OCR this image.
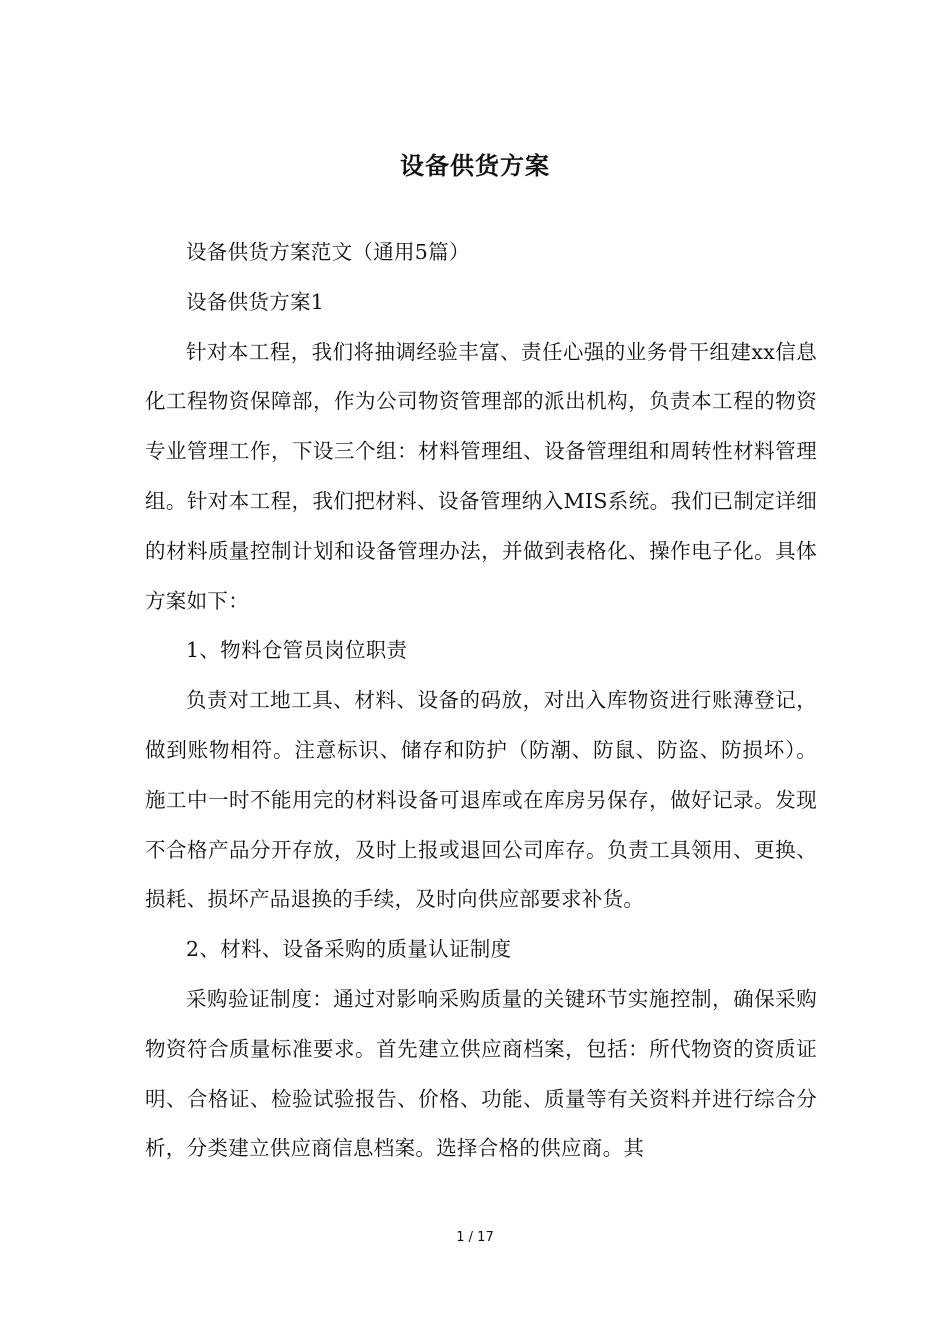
设备供货方案

设备供货方案范文（通用5篇）

设备供货方案1

针对本工程，我们将抽调经验丰富、责任心强的业务骨干组建xx信息化工程物资保障部，作为公司物资管理部的派出机构，负责本工程的物资专业管理工作，下设三个组：材料管理组、设备管理组和周转性材料管理组。针对本工程，我们把材料、设备管理纳入MIS系统。我们已制定详细的材料质量控制计划和设备管理办法，并做到表格化、操作电子化。具体方案如下：

1、物料仓管员岗位职责

负责对工地工具、材料、设备的码放，对出入库物资进行账薄登记，做到账物相符。注意标识、储存和防护（防潮、防鼠、防盗、防损坏）。施工中一时不能用完的材料设备可退库或在库房另保存，做好记录。发现不合格产品分开存放，及时上报或退回公司库存。负责工具领用、更换、损耗、损坏产品退换的手续，及时向供应部要求补货。

2、材料、设备采购的质量认证制度

采购验证制度：通过对影响采购质量的关键环节实施控制，确保采购物资符合质量标准要求。首先建立供应商档案，包括：所代物资的资质证明、合格证、检验试验报告、价格、功能、质量等有关资料并进行综合分析，分类建立供应商信息档案。选择合格的供应商。其

1 / 17
